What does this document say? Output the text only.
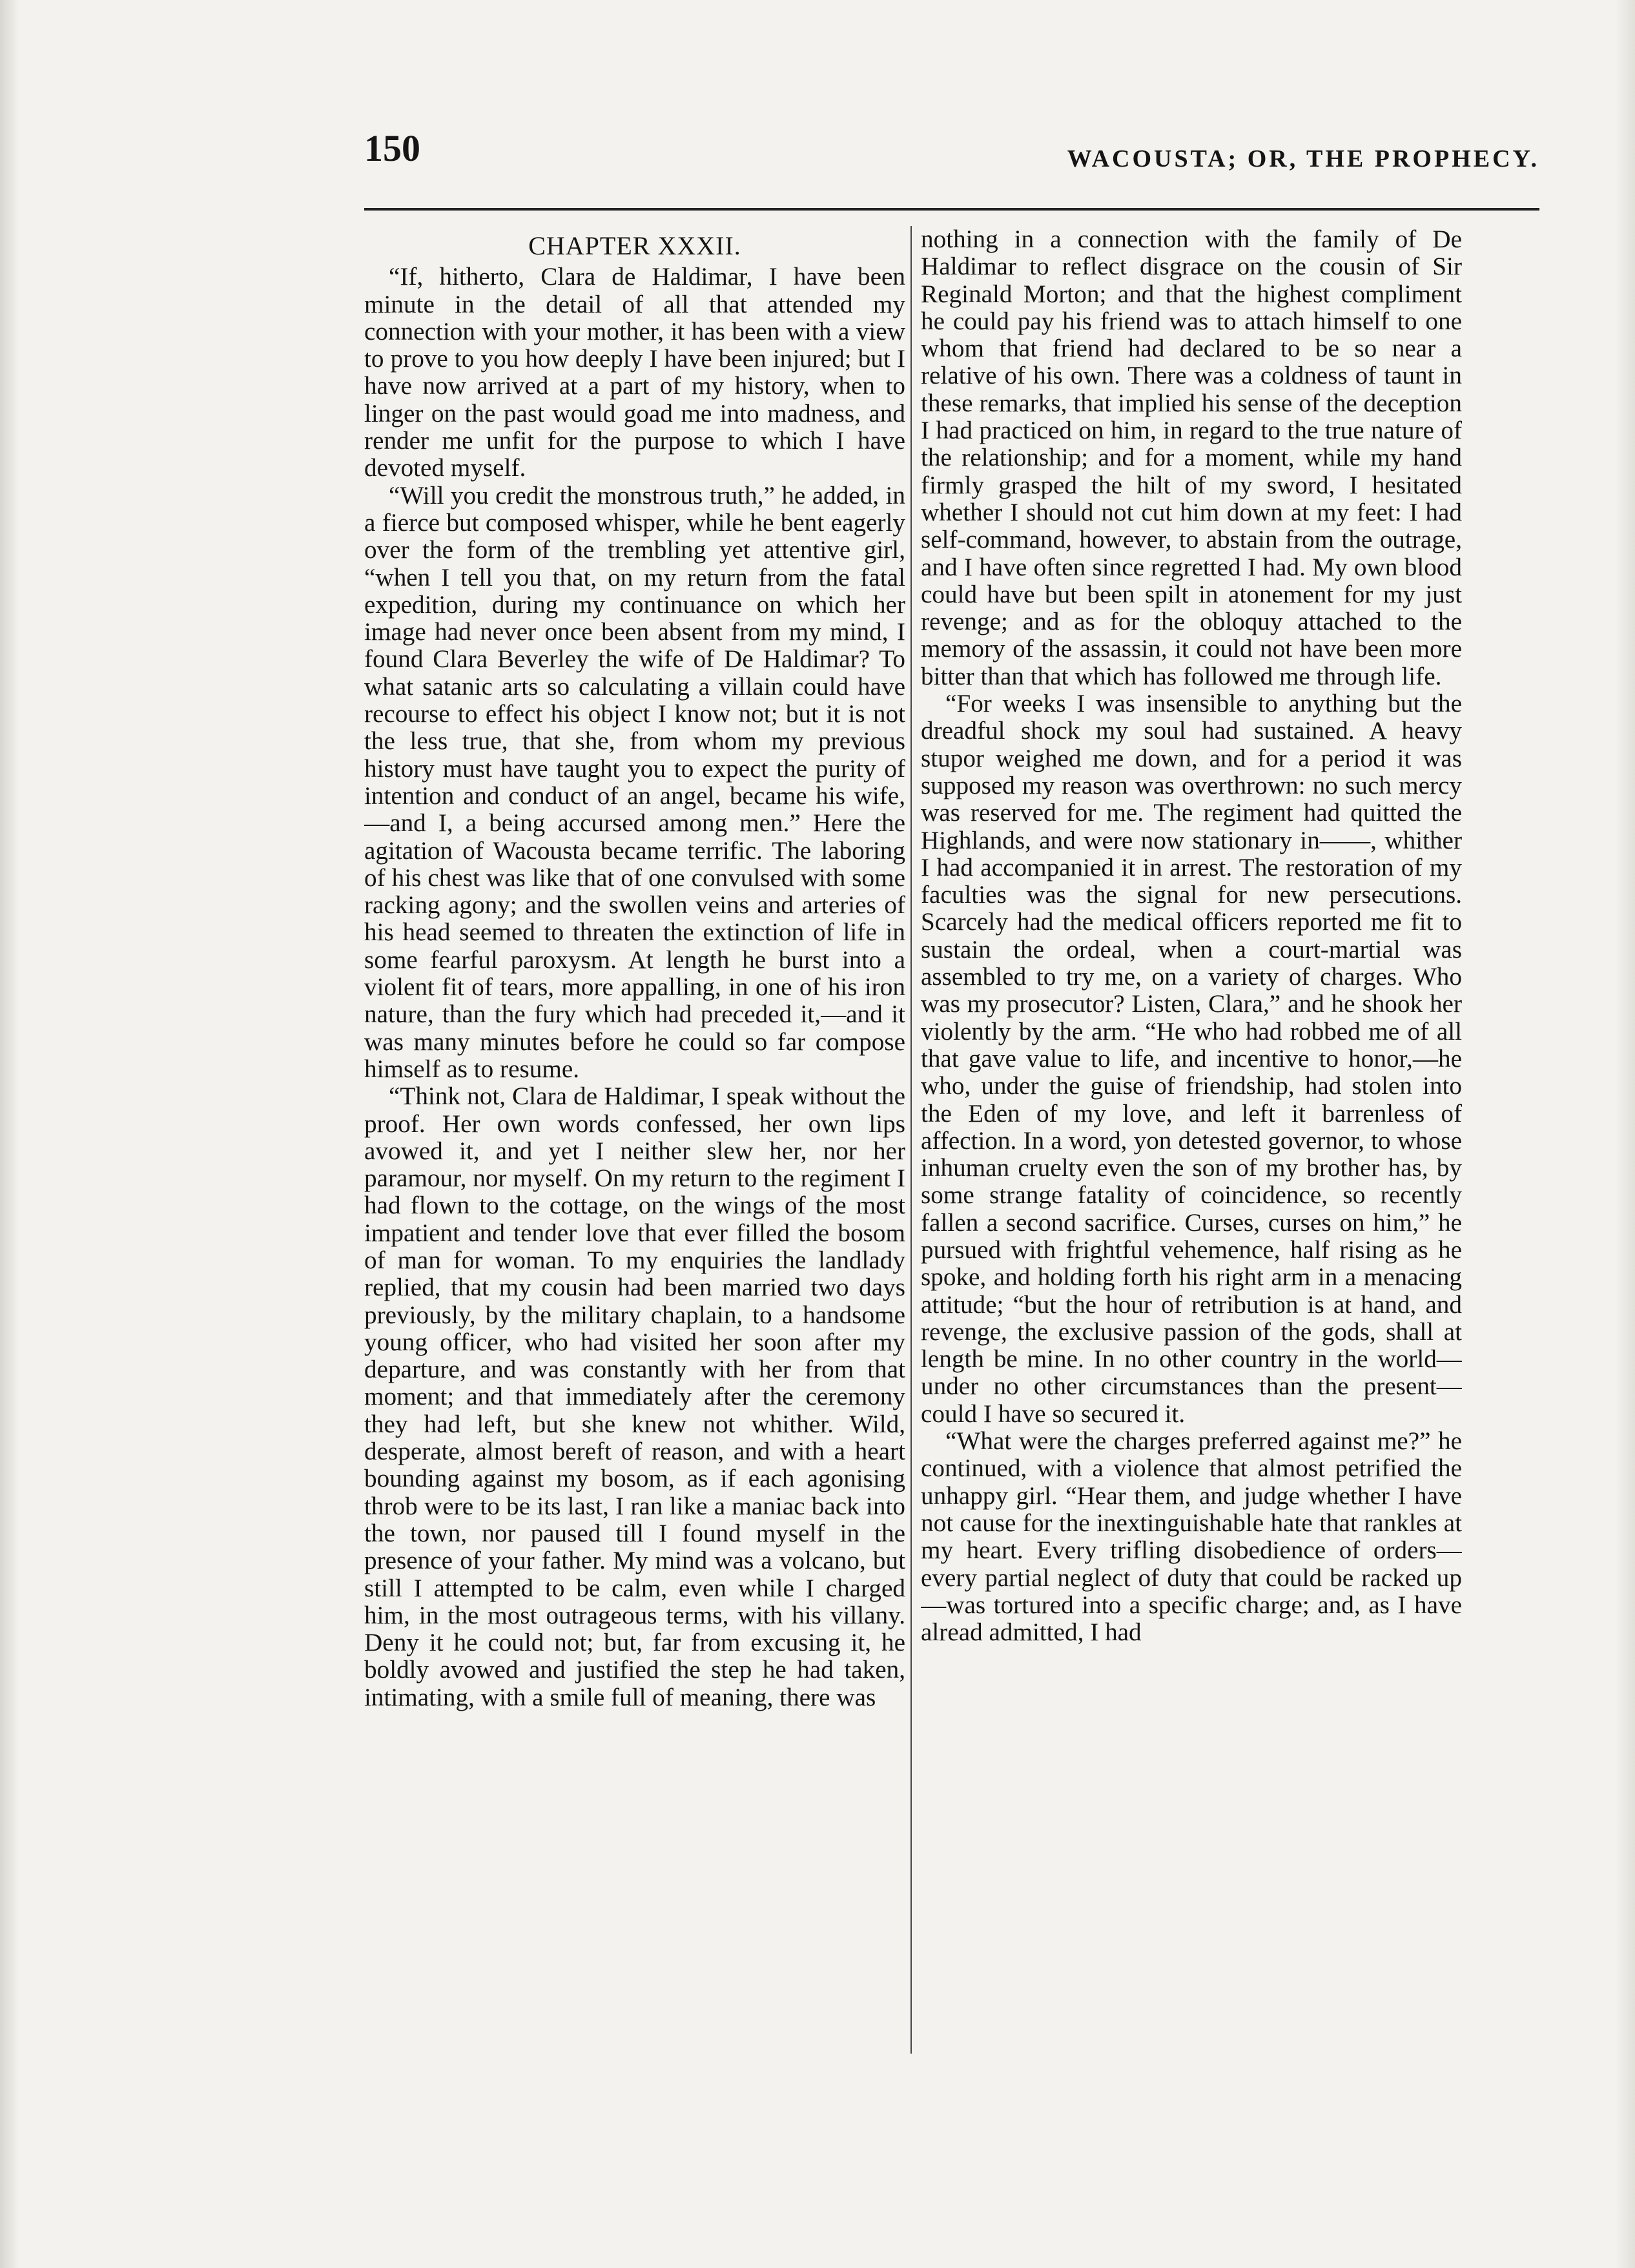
150	WACOUSTA; OR, THE PROPHECY.
CHAPTER XXXII.

“If, hitherto, Clara de Haldimar, I have been minute in the detail of all that attended my connection with your mother, it has been with a view to prove to you how deeply I have been injured; but I have now arrived at a part of my history, when to linger on the past would goad me into madness, and render me unfit for the purpose to which I have devoted myself.

“Will you credit the monstrous truth,” he added, in a fierce but composed whisper, while he bent eagerly over the form of the trembling yet attentive girl, “when I tell you that, on my return from the fatal expedition, during my continuance on which her image had never once been absent from my mind, I found Clara Beverley the wife of De Haldimar? To what satanic arts so calculating a villain could have recourse to effect his object I know not; but it is not the less true, that she, from whom my previous history must have taught you to expect the purity of intention and conduct of an angel, became his wife,—and I, a being accursed among men.” Here the agitation of Wacousta became terrific. The laboring of his chest was like that of one convulsed with some racking agony; and the swollen veins and arteries of his head seemed to threaten the extinction of life in some fearful paroxysm. At length he burst into a violent fit of tears, more appalling, in one of his iron nature, than the fury which had preceded it,—and it was many minutes before he could so far compose himself as to resume.

“Think not, Clara de Haldimar, I speak without the proof. Her own words confessed, her own lips avowed it, and yet I neither slew her, nor her paramour, nor myself. On my return to the regiment I had flown to the cottage, on the wings of the most impatient and tender love that ever filled the bosom of man for woman. To my enquiries the landlady replied, that my cousin had been married two days previously, by the military chaplain, to a handsome young officer, who had visited her soon after my departure, and was constantly with her from that moment; and that immediately after the ceremony they had left, but she knew not whither. Wild, desperate, almost bereft of reason, and with a heart bounding against my bosom, as if each agonising throb were to be its last, I ran like a maniac back into the town, nor paused till I found myself in the presence of your father. My mind was a volcano, but still I attempted to be calm, even while I charged him, in the most outrageous terms, with his villany. Deny it he could not; but, far from excusing it, he boldly avowed and justified the step he had taken, intimating, with a smile full of meaning, there was

nothing in a connection with the family of De Haldimar to reflect disgrace on the cousin of Sir Reginald Morton; and that the highest compliment he could pay his friend was to attach himself to one whom that friend had declared to be so near a relative of his own. There was a coldness of taunt in these remarks, that implied his sense of the deception I had practiced on him, in regard to the true nature of the relationship; and for a moment, while my hand firmly grasped the hilt of my sword, I hesitated whether I should not cut him down at my feet: I had self-command, however, to abstain from the outrage, and I have often since regretted I had. My own blood could have but been spilt in atonement for my just revenge; and as for the obloquy attached to the memory of the assassin, it could not have been more bitter than that which has followed me through life.

“For weeks I was insensible to anything but the dreadful shock my soul had sustained. A heavy stupor weighed me down, and for a period it was supposed my reason was overthrown: no such mercy was reserved for me. The regiment had quitted the Highlands, and were now stationary in——, whither I had accompanied it in arrest. The restoration of my faculties was the signal for new persecutions. Scarcely had the medical officers reported me fit to sustain the ordeal, when a court-martial was assembled to try me, on a variety of charges. Who was my prosecutor? Listen, Clara,” and he shook her violently by the arm. “He who had robbed me of all that gave value to life, and incentive to honor,—he who, under the guise of friendship, had stolen into the Eden of my love, and left it barrenless of affection. In a word, yon detested governor, to whose inhuman cruelty even the son of my brother has, by some strange fatality of coincidence, so recently fallen a second sacrifice. Curses, curses on him,” he pursued with frightful vehemence, half rising as he spoke, and holding forth his right arm in a menacing attitude; “but the hour of retribution is at hand, and revenge, the exclusive passion of the gods, shall at length be mine. In no other country in the world—under no other circumstances than the present—could I have so secured it.

“What were the charges preferred against me?” he continued, with a violence that almost petrified the unhappy girl. “Hear them, and judge whether I have not cause for the inextinguishable hate that rankles at my heart. Every trifling disobedience of orders—every partial neglect of duty that could be racked up—was tortured into a specific charge; and, as I have alread admitted, I had
